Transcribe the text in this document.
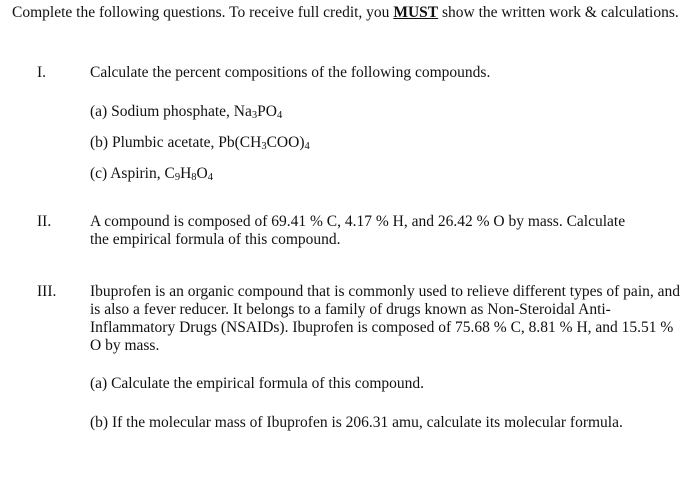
Complete the following questions. To receive full credit, you MUST show the written work & calculations.
I.	Calculate the percent compositions of the following compounds.
(a) Sodium phosphate, $Na_3PO_4$
(b) Plumbic acetate, $Pb(CH_3COO)_4$
(c) Aspirin, $C_9H_8O_4$
II.	A compound is composed of 69.41 % C, 4.17 % H, and 26.42 % O by mass. Calculate the empirical formula of this compound.
III. Ibuprofen is an organic compound that is commonly used to relieve different types of pain, and is also a fever reducer. It belongs to a family of drugs known as Non-Steroidal Anti-Inflammatory Drugs (NSAIDs). Ibuprofen is composed of 75.68 % C, 8.81 % H, and 15.51 % O by mass.
(a) Calculate the empirical formula of this compound.
(b) If the molecular mass of Ibuprofen is 206.31 amu, calculate its molecular formula.
